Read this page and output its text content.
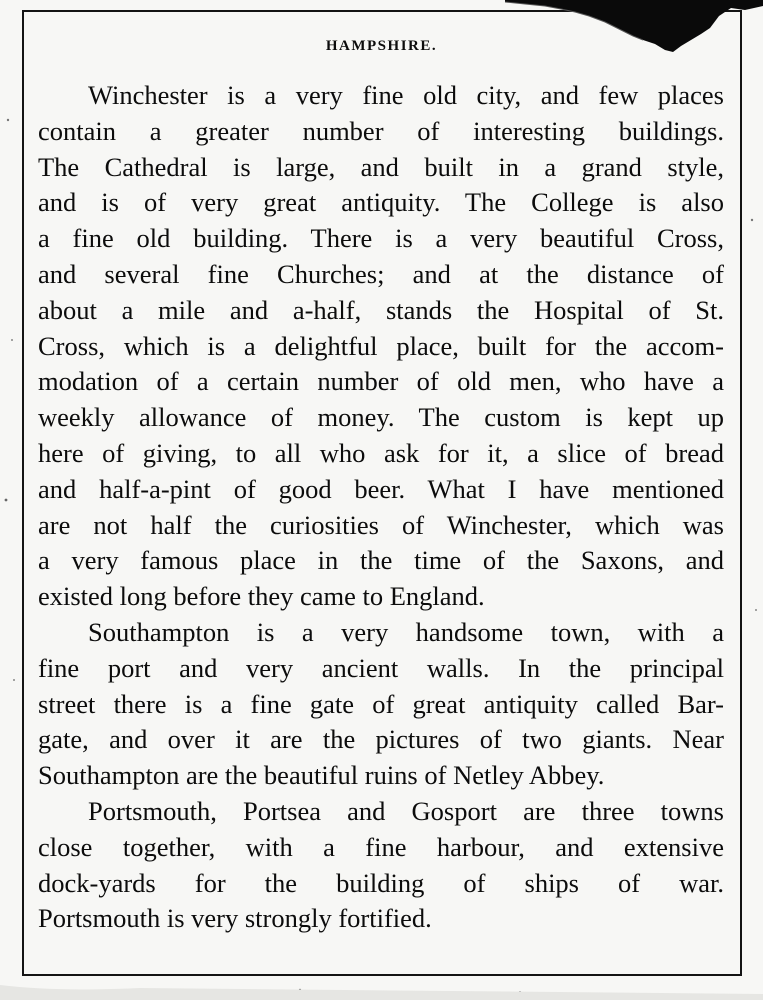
HAMPSHIRE.
Winchester is a very fine old city, and few places
contain a greater number of interesting buildings.
The Cathedral is large, and built in a grand style,
and is of very great antiquity. The College is also
a fine old building. There is a very beautiful Cross,
and several fine Churches; and at the distance of
about a mile and a-half, stands the Hospital of St.
Cross, which is a delightful place, built for the accom-
modation of a certain number of old men, who have a
weekly allowance of money. The custom is kept up
here of giving, to all who ask for it, a slice of bread
and half-a-pint of good beer. What I have mentioned
are not half the curiosities of Winchester, which was
a very famous place in the time of the Saxons, and
existed long before they came to England.
Southampton is a very handsome town, with a
fine port and very ancient walls. In the principal
street there is a fine gate of great antiquity called Bar-
gate, and over it are the pictures of two giants. Near
Southampton are the beautiful ruins of Netley Abbey.
Portsmouth, Portsea and Gosport are three towns
close together, with a fine harbour, and extensive
dock-yards for the building of ships of war.
Portsmouth is very strongly fortified.
